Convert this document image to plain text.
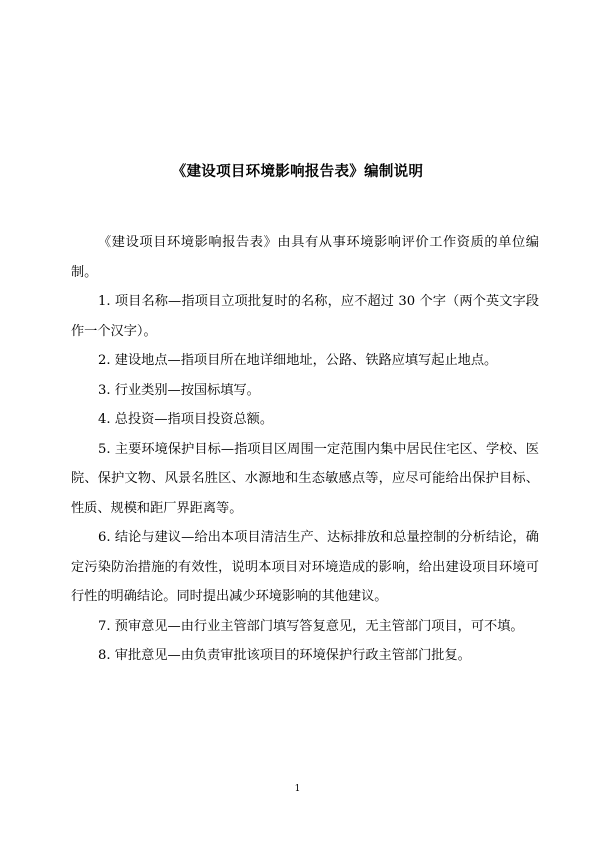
《建设项目环境影响报告表》编制说明

《建设项目环境影响报告表》由具有从事环境影响评价工作资质的单位编制。

1. 项目名称—指项目立项批复时的名称，应不超过 30 个字（两个英文字段作一个汉字）。

2. 建设地点—指项目所在地详细地址，公路、铁路应填写起止地点。

3. 行业类别—按国标填写。

4. 总投资—指项目投资总额。

5. 主要环境保护目标—指项目区周围一定范围内集中居民住宅区、学校、医院、保护文物、风景名胜区、水源地和生态敏感点等，应尽可能给出保护目标、性质、规模和距厂界距离等。

6. 结论与建议—给出本项目清洁生产、达标排放和总量控制的分析结论，确定污染防治措施的有效性，说明本项目对环境造成的影响，给出建设项目环境可行性的明确结论。同时提出减少环境影响的其他建议。

7. 预审意见—由行业主管部门填写答复意见，无主管部门项目，可不填。

8. 审批意见—由负责审批该项目的环境保护行政主管部门批复。

1
